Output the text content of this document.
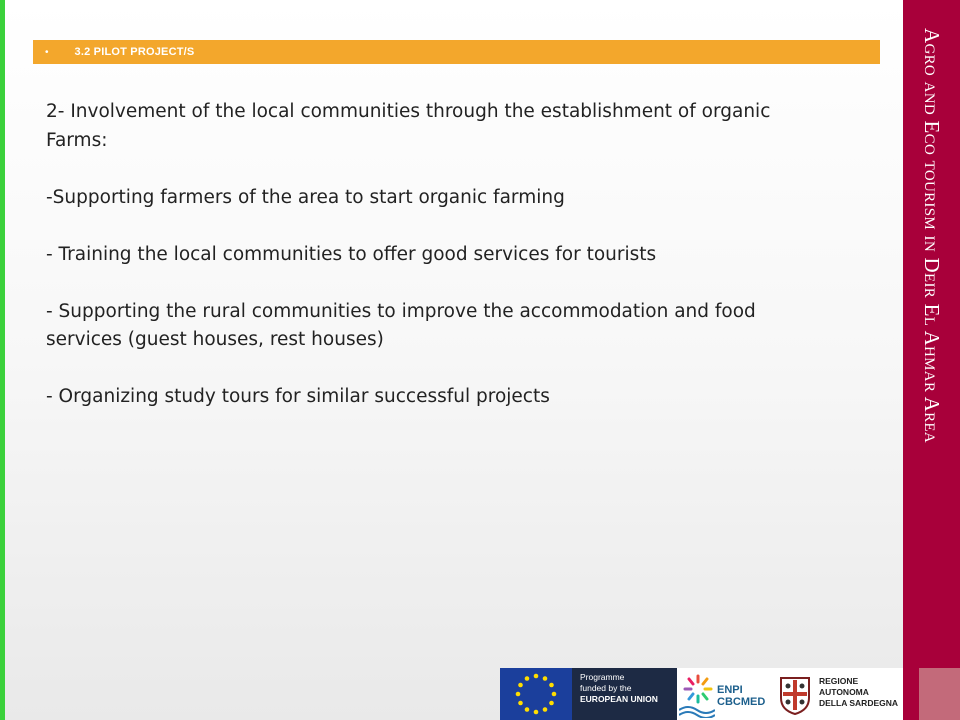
• 3.2 PILOT PROJECT/S

2- Involvement of the local communities through the establishment of organic Farms:

-Supporting farmers of the area to start organic farming

- Training the local communities to offer good services for tourists

- Supporting the rural communities to improve the accommodation and food services (guest houses, rest houses)

- Organizing study tours for similar successful projects	Agro and Eco tourism in Deir El Ahmar Area
Programme
funded by the
EUROPEAN UNION
ENPI
CBCMED
REGIONE
AUTONOMA
DELLA SARDEGNA
